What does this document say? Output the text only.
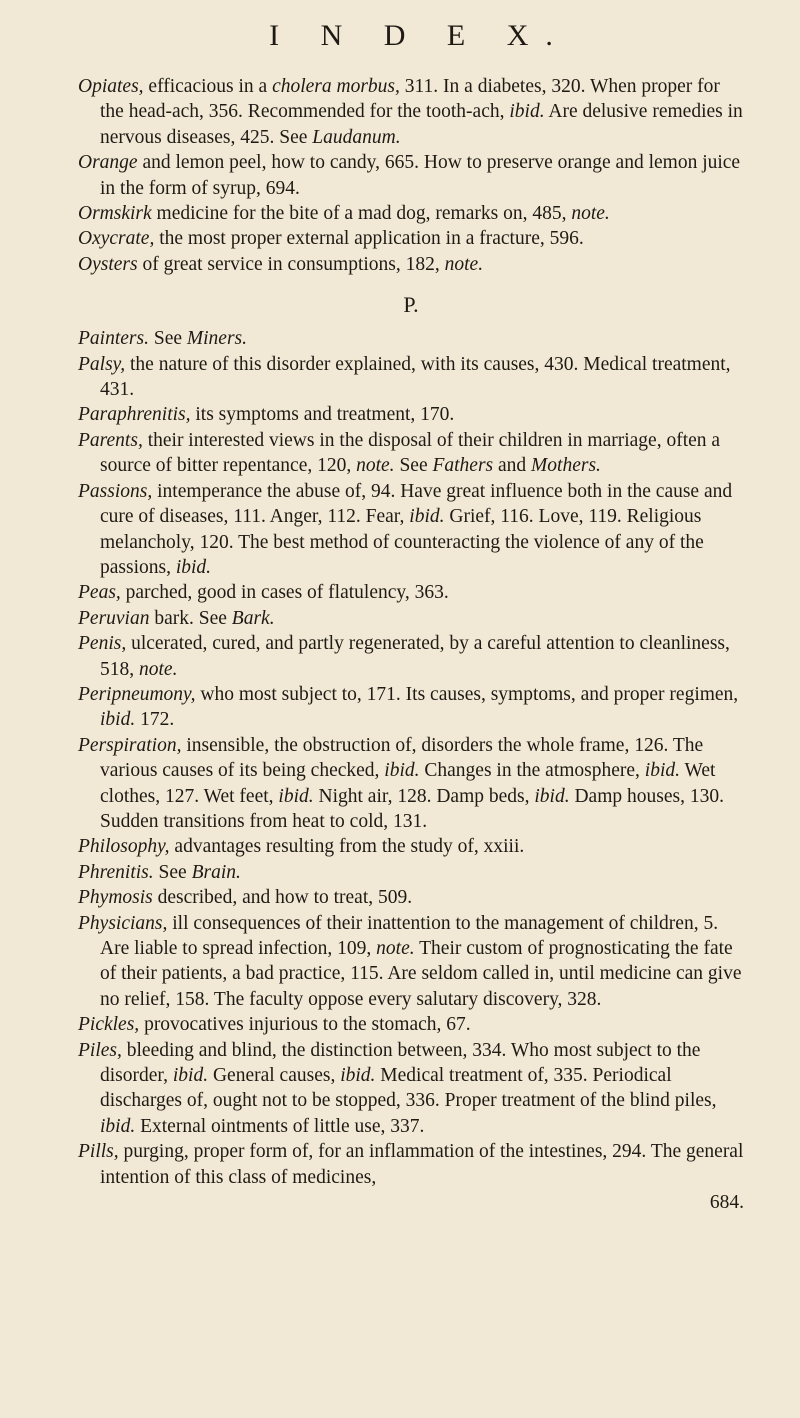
I N D E X.

Opiates, efficacious in a cholera morbus, 311. In a diabetes, 320. When proper for the head-ach, 356. Recommended for the tooth-ach, ibid. Are delusive remedies in nervous diseases, 425. See Laudanum.

Orange and lemon peel, how to candy, 665. How to preserve orange and lemon juice in the form of syrup, 694.

Ormskirk medicine for the bite of a mad dog, remarks on, 485, note.

Oxycrate, the most proper external application in a fracture, 596.

Oysters of great service in consumptions, 182, note.

P.

Painters. See Miners.

Palsy, the nature of this disorder explained, with its causes, 430. Medical treatment, 431.

Paraphrenitis, its symptoms and treatment, 170.

Parents, their interested views in the disposal of their children in marriage, often a source of bitter repentance, 120, note. See Fathers and Mothers.

Passions, intemperance the abuse of, 94. Have great influence both in the cause and cure of diseases, 111. Anger, 112. Fear, ibid. Grief, 116. Love, 119. Religious melancholy, 120. The best method of counteracting the violence of any of the passions, ibid.

Peas, parched, good in cases of flatulency, 363.

Peruvian bark. See Bark.

Penis, ulcerated, cured, and partly regenerated, by a careful attention to cleanliness, 518, note.

Peripneumony, who most subject to, 171. Its causes, symptoms, and proper regimen, ibid. 172.

Perspiration, insensible, the obstruction of, disorders the whole frame, 126. The various causes of its being checked, ibid. Changes in the atmosphere, ibid. Wet clothes, 127. Wet feet, ibid. Night air, 128. Damp beds, ibid. Damp houses, 130. Sudden transitions from heat to cold, 131.

Philosophy, advantages resulting from the study of, xxiii.

Phrenitis. See Brain.

Phymosis described, and how to treat, 509.

Physicians, ill consequences of their inattention to the management of children, 5. Are liable to spread infection, 109, note. Their custom of prognosticating the fate of their patients, a bad practice, 115. Are seldom called in, until medicine can give no relief, 158. The faculty oppose every salutary discovery, 328.

Pickles, provocatives injurious to the stomach, 67.

Piles, bleeding and blind, the distinction between, 334. Who most subject to the disorder, ibid. General causes, ibid. Medical treatment of, 335. Periodical discharges of, ought not to be stopped, 336. Proper treatment of the blind piles, ibid. External ointments of little use, 337.

Pills, purging, proper form of, for an inflammation of the intestines, 294. The general intention of this class of medicines,

684.
